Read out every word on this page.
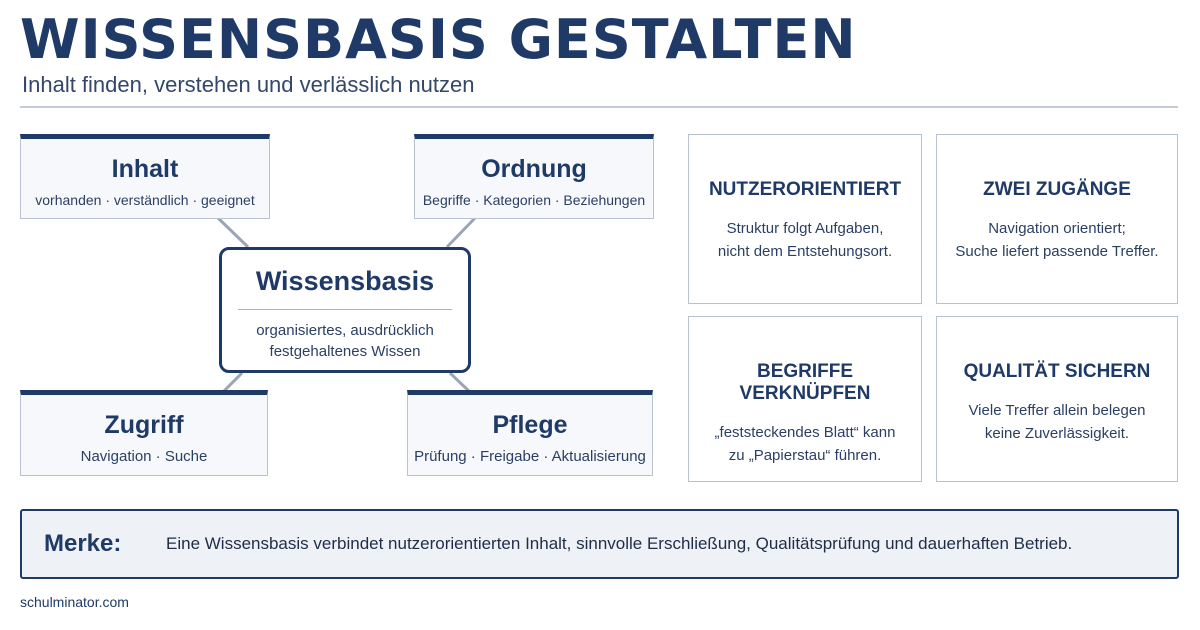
WISSENSBASIS GESTALTEN
Inhalt finden, verstehen und verlässlich nutzen
Inhalt
vorhanden · verständlich · geeignet
Ordnung
Begriffe · Kategorien · Beziehungen
Zugriff
Navigation · Suche
Pflege
Prüfung · Freigabe · Aktualisierung
Wissensbasis
organisiertes, ausdrücklich
festgehaltenes Wissen
NUTZERORIENTIERT
Struktur folgt Aufgaben,
nicht dem Entstehungsort.
ZWEI ZUGÄNGE
Navigation orientiert;
Suche liefert passende Treffer.
BEGRIFFE VERKNÜPFEN
„feststeckendes Blatt“ kann
zu „Papierstau“ führen.
QUALITÄT SICHERN
Viele Treffer allein belegen
keine Zuverlässigkeit.
Merke:	Eine Wissensbasis verbindet nutzerorientierten Inhalt, sinnvolle Erschließung, Qualitätsprüfung und dauerhaften Betrieb.
schulminator.com
